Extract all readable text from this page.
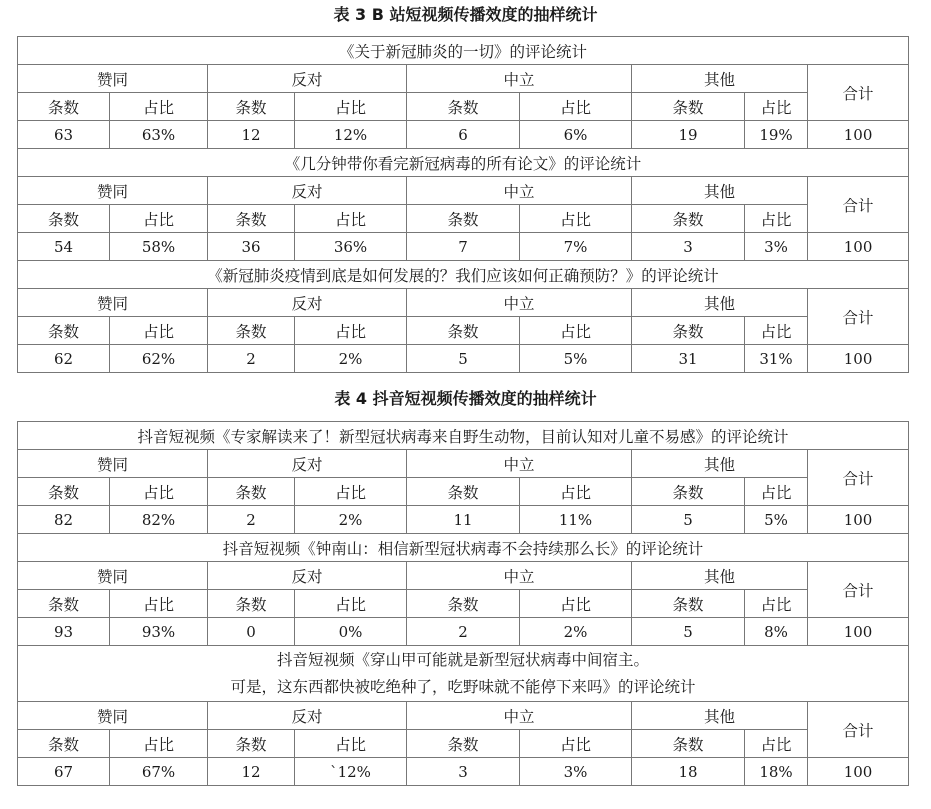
表 3 B 站短视频传播效度的抽样统计
《关于新冠肺炎的一切》的评论统计								
赞同		反对		中立		其他		合计
条数	占比	条数	占比	条数	占比	条数	占比	
63	63%	12	12%	6	6%	19	19%	100
《几分钟带你看完新冠病毒的所有论文》的评论统计								
赞同		反对		中立		其他		合计
条数	占比	条数	占比	条数	占比	条数	占比	
54	58%	36	36%	7	7%	3	3%	100
《新冠肺炎疫情到底是如何发展的？我们应该如何正确预防？》的评论统计								
赞同		反对		中立		其他		合计
条数	占比	条数	占比	条数	占比	条数	占比	
62	62%	2	2%	5	5%	31	31%	100
表 4 抖音短视频传播效度的抽样统计
抖音短视频《专家解读来了！新型冠状病毒来自野生动物，目前认知对儿童不易感》的评论统计								
赞同		反对		中立		其他		合计
条数	占比	条数	占比	条数	占比	条数	占比	
82	82%	2	2%	11	11%	5	5%	100
抖音短视频《钟南山：相信新型冠状病毒不会持续那么长》的评论统计								
赞同		反对		中立		其他		合计
条数	占比	条数	占比	条数	占比	条数	占比	
93	93%	0	0%	2	2%	5	8%	100
抖音短视频《穿山甲可能就是新型冠状病毒中间宿主。
可是，这东西都快被吃绝种了，吃野味就不能停下来吗》的评论统计								
赞同		反对		中立		其他		合计
条数	占比	条数	占比	条数	占比	条数	占比	
67	67%	12	`12%	3	3%	18	18%	100
